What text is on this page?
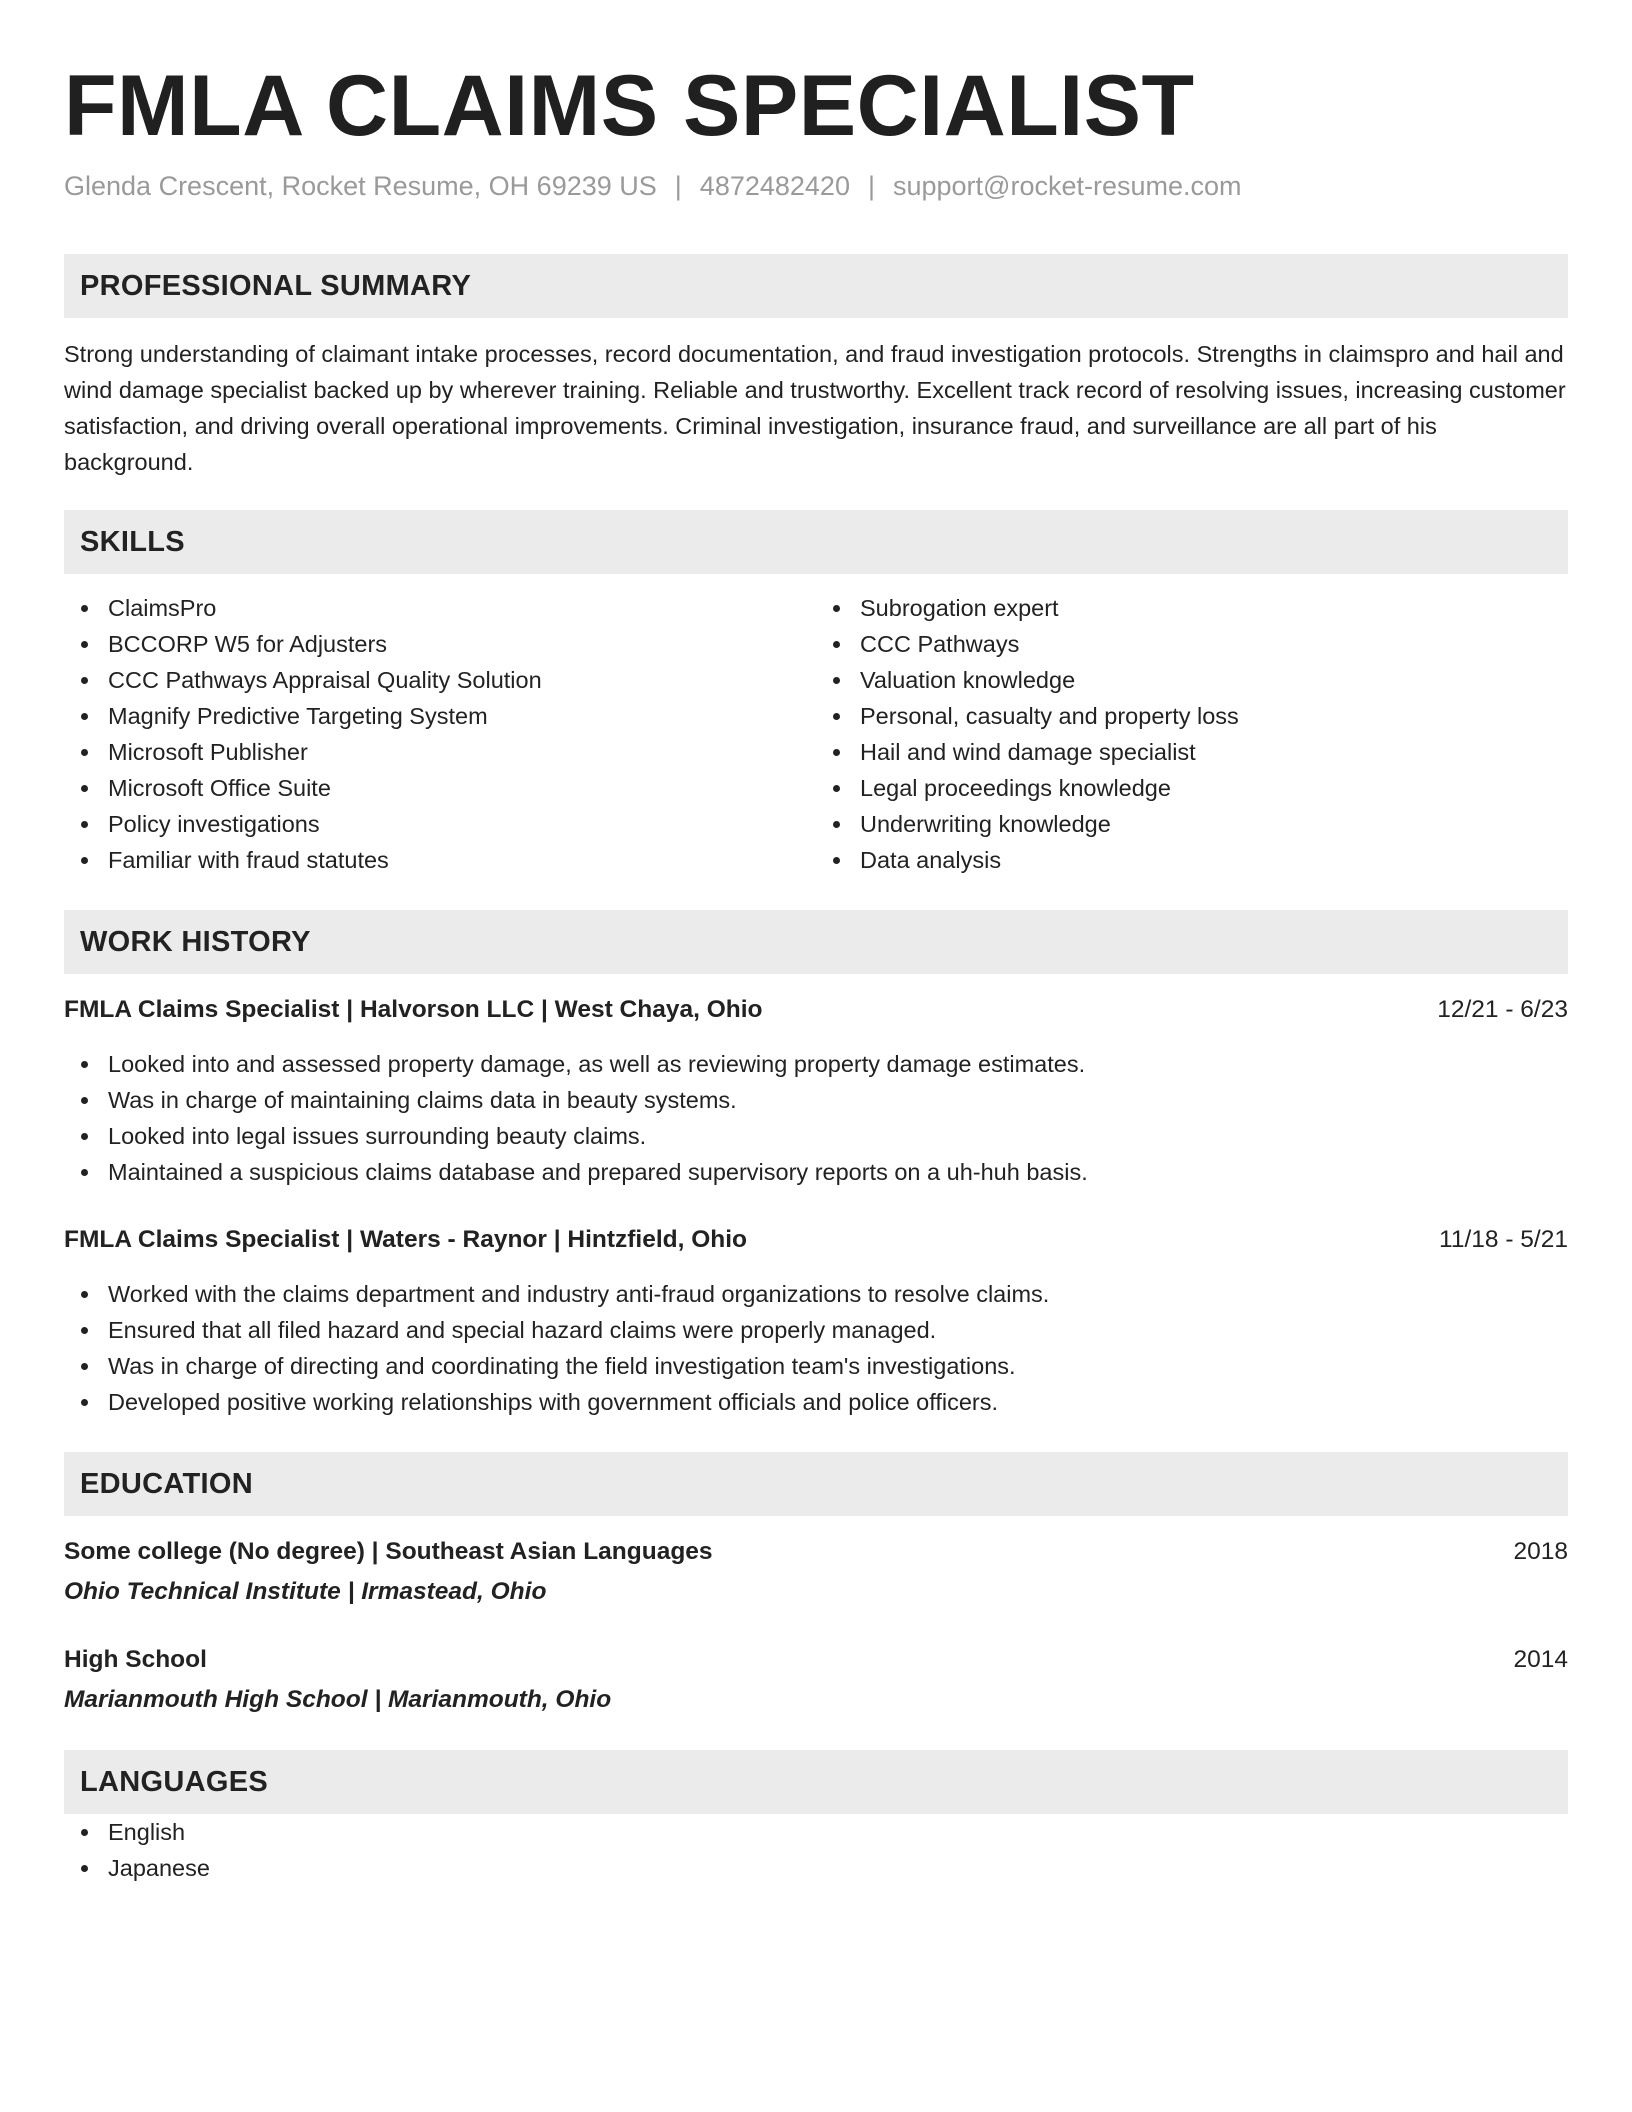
FMLA CLAIMS SPECIALIST
Glenda Crescent, Rocket Resume, OH 69239 US | 4872482420 | support@rocket-resume.com
PROFESSIONAL SUMMARY

Strong understanding of claimant intake processes, record documentation, and fraud investigation protocols. Strengths in claimspro and hail and wind damage specialist backed up by wherever training. Reliable and trustworthy. Excellent track record of resolving issues, increasing customer satisfaction, and driving overall operational improvements. Criminal investigation, insurance fraud, and surveillance are all part of his background.

SKILLS
ClaimsPro
BCCORP W5 for Adjusters
CCC Pathways Appraisal Quality Solution
Magnify Predictive Targeting System
Microsoft Publisher
Microsoft Office Suite
Policy investigations
Familiar with fraud statutes
Subrogation expert
CCC Pathways
Valuation knowledge
Personal, casualty and property loss
Hail and wind damage specialist
Legal proceedings knowledge
Underwriting knowledge
Data analysis
WORK HISTORY
FMLA Claims Specialist | Halvorson LLC | West Chaya, Ohio	12/21 - 6/23
Looked into and assessed property damage, as well as reviewing property damage estimates.
Was in charge of maintaining claims data in beauty systems.
Looked into legal issues surrounding beauty claims.
Maintained a suspicious claims database and prepared supervisory reports on a uh-huh basis.
FMLA Claims Specialist | Waters - Raynor | Hintzfield, Ohio	11/18 - 5/21
Worked with the claims department and industry anti-fraud organizations to resolve claims.
Ensured that all filed hazard and special hazard claims were properly managed.
Was in charge of directing and coordinating the field investigation team's investigations.
Developed positive working relationships with government officials and police officers.
EDUCATION
Some college (No degree) | Southeast Asian Languages	2018
Ohio Technical Institute | Irmastead, Ohio
High School	2014
Marianmouth High School | Marianmouth, Ohio
LANGUAGES
English
Japanese
